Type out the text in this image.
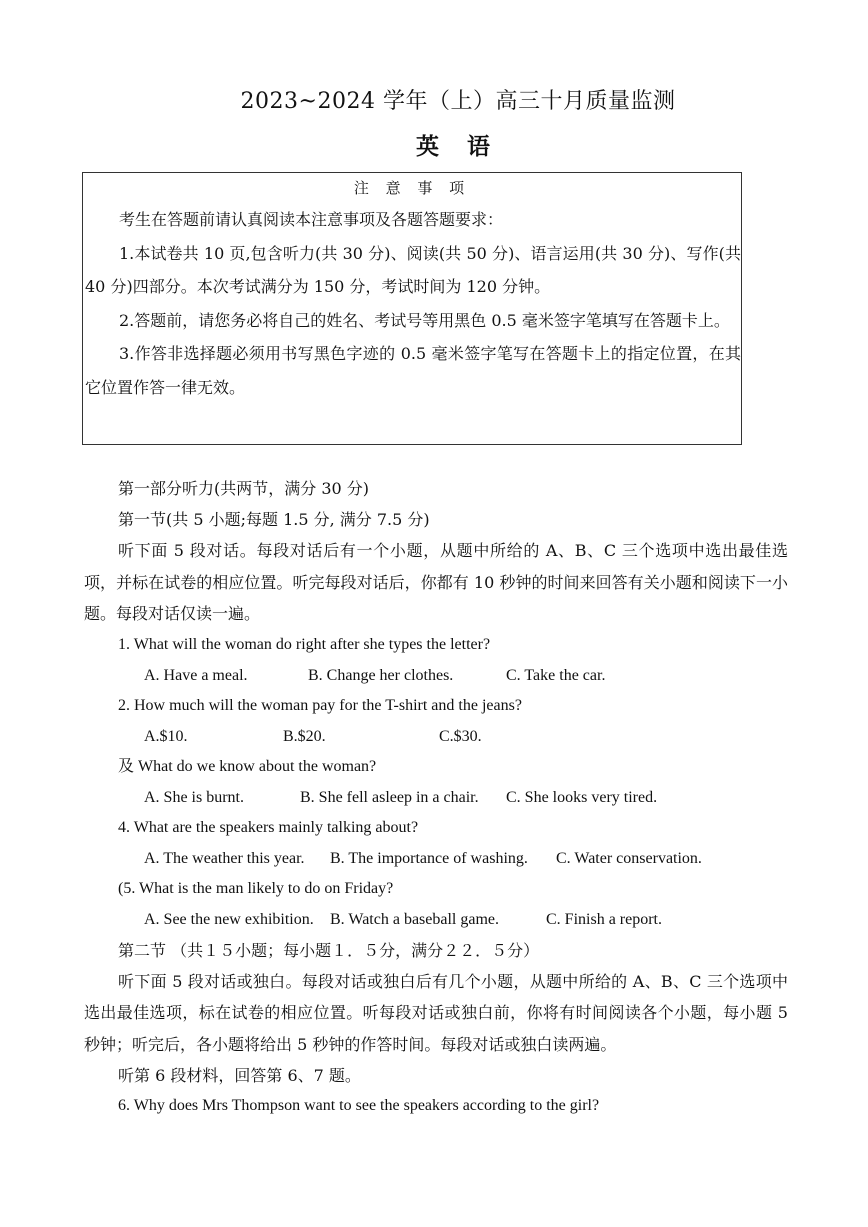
2023~2024 学年（上）高三十月质量监测
英 语
注 意 事 项

考生在答题前请认真阅读本注意事项及各题答题要求：

1.本试卷共 10 页,包含听力(共 30 分)、阅读(共 50 分)、语言运用(共 30 分)、写作(共 40 分)四部分。本次考试满分为 150 分，考试时间为 120 分钟。

2.答题前，请您务必将自己的姓名、考试号等用黑色 0.5 毫米签字笔填写在答题卡上。

3.作答非选择题必须用书写黑色字迹的 0.5 毫米签字笔写在答题卡上的指定位置，在其它位置作答一律无效。

第一部分听力(共两节，满分 30 分)
第一节(共 5 小题;每题 1.5 分, 满分 7.5 分)

听下面 5 段对话。每段对话后有一个小题，从题中所给的 A、B、C 三个选项中选出最佳选项，并标在试卷的相应位置。听完每段对话后，你都有 10 秒钟的时间来回答有关小题和阅读下一小题。每段对话仅读一遍。

1. What will the woman do right after she types the letter?
A. Have a meal.	B. Change her clothes.	C. Take the car.
2. How much will the woman pay for the T-shirt and the jeans?
A.$10.	B.$20.	C.$30.
及 What do we know about the woman?
A. She is burnt.	B. She fell asleep in a chair. C. She looks very tired.
4. What are the speakers mainly talking about?
A. The weather this year. B. The importance of washing. C. Water conservation.
(5. What is the man likely to do on Friday?
A. See the new exhibition. B. Watch a baseball game.	C. Finish a report.
第二节 （共１５小题；每小题１．５分，满分２２．５分）

听下面 5 段对话或独白。每段对话或独白后有几个小题，从题中所给的 A、B、C 三个选项中选出最佳选项，标在试卷的相应位置。听每段对话或独白前，你将有时间阅读各个小题，每小题 5 秒钟；听完后，各小题将给出 5 秒钟的作答时间。每段对话或独白读两遍。

听第 6 段材料，回答第 6、7 题。
6. Why does Mrs Thompson want to see the speakers according to the girl?
